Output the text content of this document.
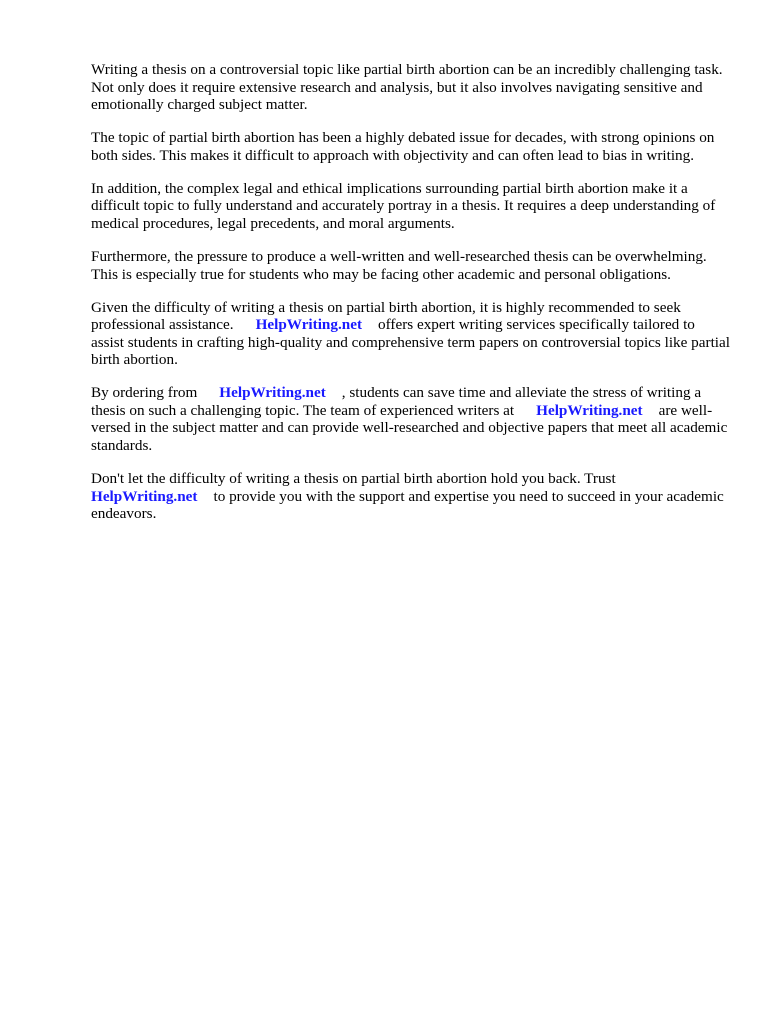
Writing a thesis on a controversial topic like partial birth abortion can be an incredibly challenging task. Not only does it require extensive research and analysis, but it also involves navigating sensitive and emotionally charged subject matter.

The topic of partial birth abortion has been a highly debated issue for decades, with strong opinions on both sides. This makes it difficult to approach with objectivity and can often lead to bias in writing.

In addition, the complex legal and ethical implications surrounding partial birth abortion make it a difficult topic to fully understand and accurately portray in a thesis. It requires a deep understanding of medical procedures, legal precedents, and moral arguments.

Furthermore, the pressure to produce a well-written and well-researched thesis can be overwhelming. This is especially true for students who may be facing other academic and personal obligations.

Given the difficulty of writing a thesis on partial birth abortion, it is highly recommended to seek professional assistance. HelpWriting.net offers expert writing services specifically tailored to assist students in crafting high-quality and comprehensive term papers on controversial topics like partial birth abortion.

By ordering from HelpWriting.net , students can save time and alleviate the stress of writing a thesis on such a challenging topic. The team of experienced writers at HelpWriting.net are well-versed in the subject matter and can provide well-researched and objective papers that meet all academic standards.

Don't let the difficulty of writing a thesis on partial birth abortion hold you back. Trust HelpWriting.net to provide you with the support and expertise you need to succeed in your academic endeavors.
